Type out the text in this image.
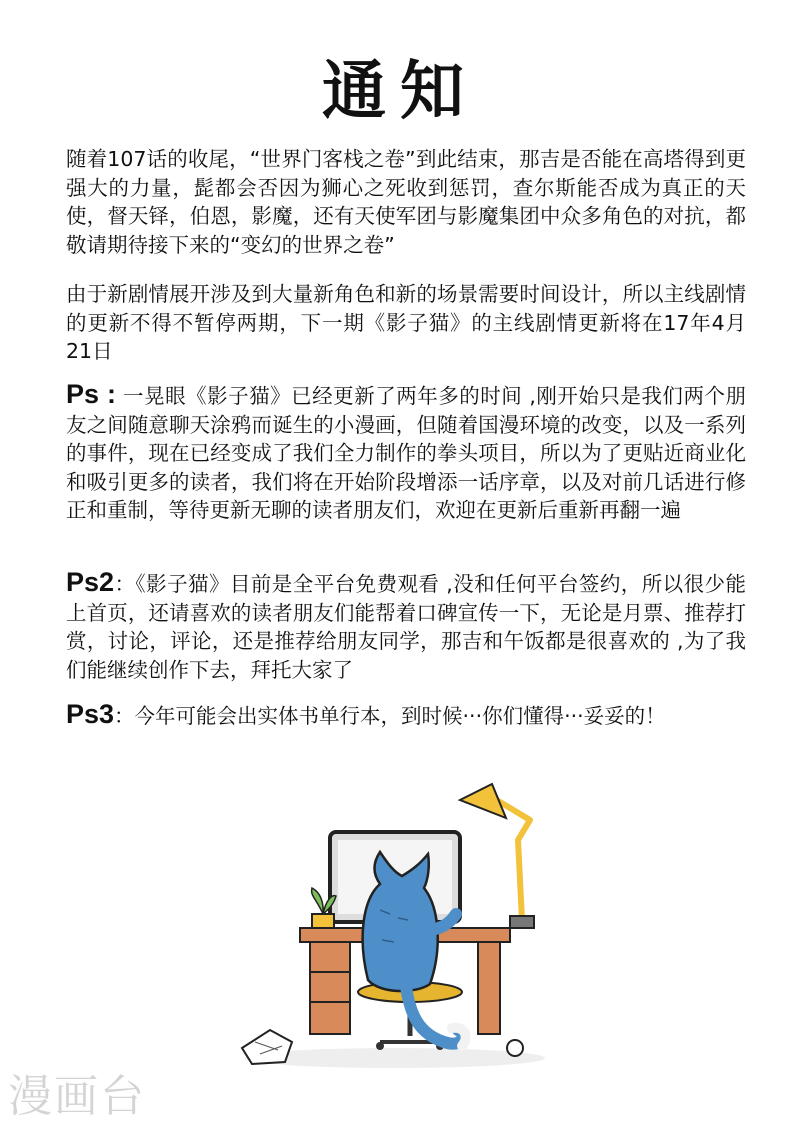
通知

随着107话的收尾，“世界门客栈之卷”到此结束，那吉是否能在高塔得到更强大的力量，髭都会否因为狮心之死收到惩罚，查尔斯能否成为真正的天使，督天铎，伯恩，影魔，还有天使军团与影魔集团中众多角色的对抗，都敬请期待接下来的“变幻的世界之卷”

由于新剧情展开涉及到大量新角色和新的场景需要时间设计，所以主线剧情的更新不得不暂停两期，下一期《影子猫》的主线剧情更新将在17年4月21日

Ps : 一晃眼《影子猫》已经更新了两年多的时间 ,刚开始只是我们两个朋友之间随意聊天涂鸦而诞生的小漫画，但随着国漫环境的改变，以及一系列的事件，现在已经变成了我们全力制作的拳头项目，所以为了更贴近商业化和吸引更多的读者，我们将在开始阶段增添一话序章，以及对前几话进行修正和重制，等待更新无聊的读者朋友们，欢迎在更新后重新再翻一遍

Ps2：《影子猫》目前是全平台免费观看 ,没和任何平台签约，所以很少能上首页，还请喜欢的读者朋友们能帮着口碑宣传一下，无论是月票、推荐打赏，讨论，评论，还是推荐给朋友同学，那吉和午饭都是很喜欢的 ,为了我们能继续创作下去，拜托大家了

Ps3：今年可能会出实体书单行本，到时候···你们懂得···妥妥的！

漫画台
